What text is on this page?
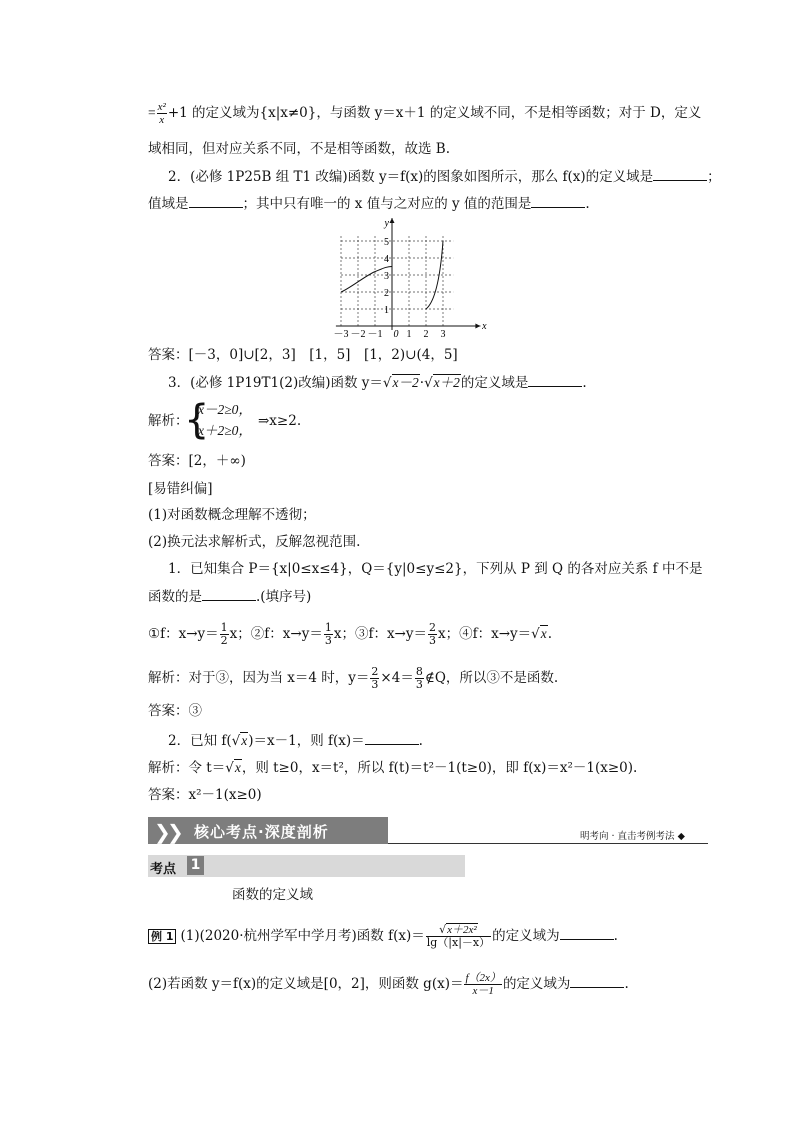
= $\frac{\text{x²}}{x} +1$ 的定义域为{x|x≠0}，与函数 y＝x＋1 的定义域不同，不是相等函数；对于 D，定义
域相同，但对应关系不同，不是相等函数，故选 B.
2．(必修 1P25B 组 T1 改编)函数 y＝f(x)的图象如图所示，那么 f(x)的定义域是	；
值域是	；其中只有唯一的 x 值与之对应的 y 值的范围是	.
－3 －2 －1 0 1 2 3
1
2
3
4
5
x
y
答案：[－3，0]∪[2，3]　[1，5]　[1，2)∪(4，5]
3．(必修 1P19T1(2)改编)函数 y＝√x－2·√x＋2的定义域是	.
解析：
{
x－2≥0，
x＋2≥0，
⇒x≥2.
答案：[2，＋∞)
[易错纠偏]
(1)对函数概念理解不透彻；
(2)换元法求解析式，反解忽视范围.
1．已知集合 P＝{x|0≤x≤4}，Q＝{y|0≤y≤2}，下列从 P 到 Q 的各对应关系 f 中不是
函数的是	.(填序号)
①f：$x\to y= \frac{1}{2}$ x；②f：$x\to y= \frac{1}{3}$ x；③f：$x\to y= \frac{2}{3}$ x；④f：x→y＝√x.
解析：对于③，因为当 x＝4 时，$y= \frac{2}{3} \times 4= \frac{8}{3}$ ∉Q，所以③不是函数.
答案：③
2．已知 f(√x)＝x－1，则 f(x)＝	.
解析：令 t＝√x，则 t≥0，x＝t²，所以 f(t)＝t²－1(t≥0)，即 f(x)＝x²－1(x≥0).
答案：x²－1(x≥0)
❯
❯ 核心考点·深度剖析	明考向 · 直击考例考法 ◆
考点 1
函数的定义域
例 1 (1)(2020·杭州学军中学月考)函数 $f(x)= \frac{\text{√x＋2x²}}{\lg(|x|-x)}$ 的定义域为	.
(2)若函数 y＝f(x)的定义域是[0，2]，则函数 $g(x)= \frac{f(2x)}{x-1}$ 的定义域为	.
